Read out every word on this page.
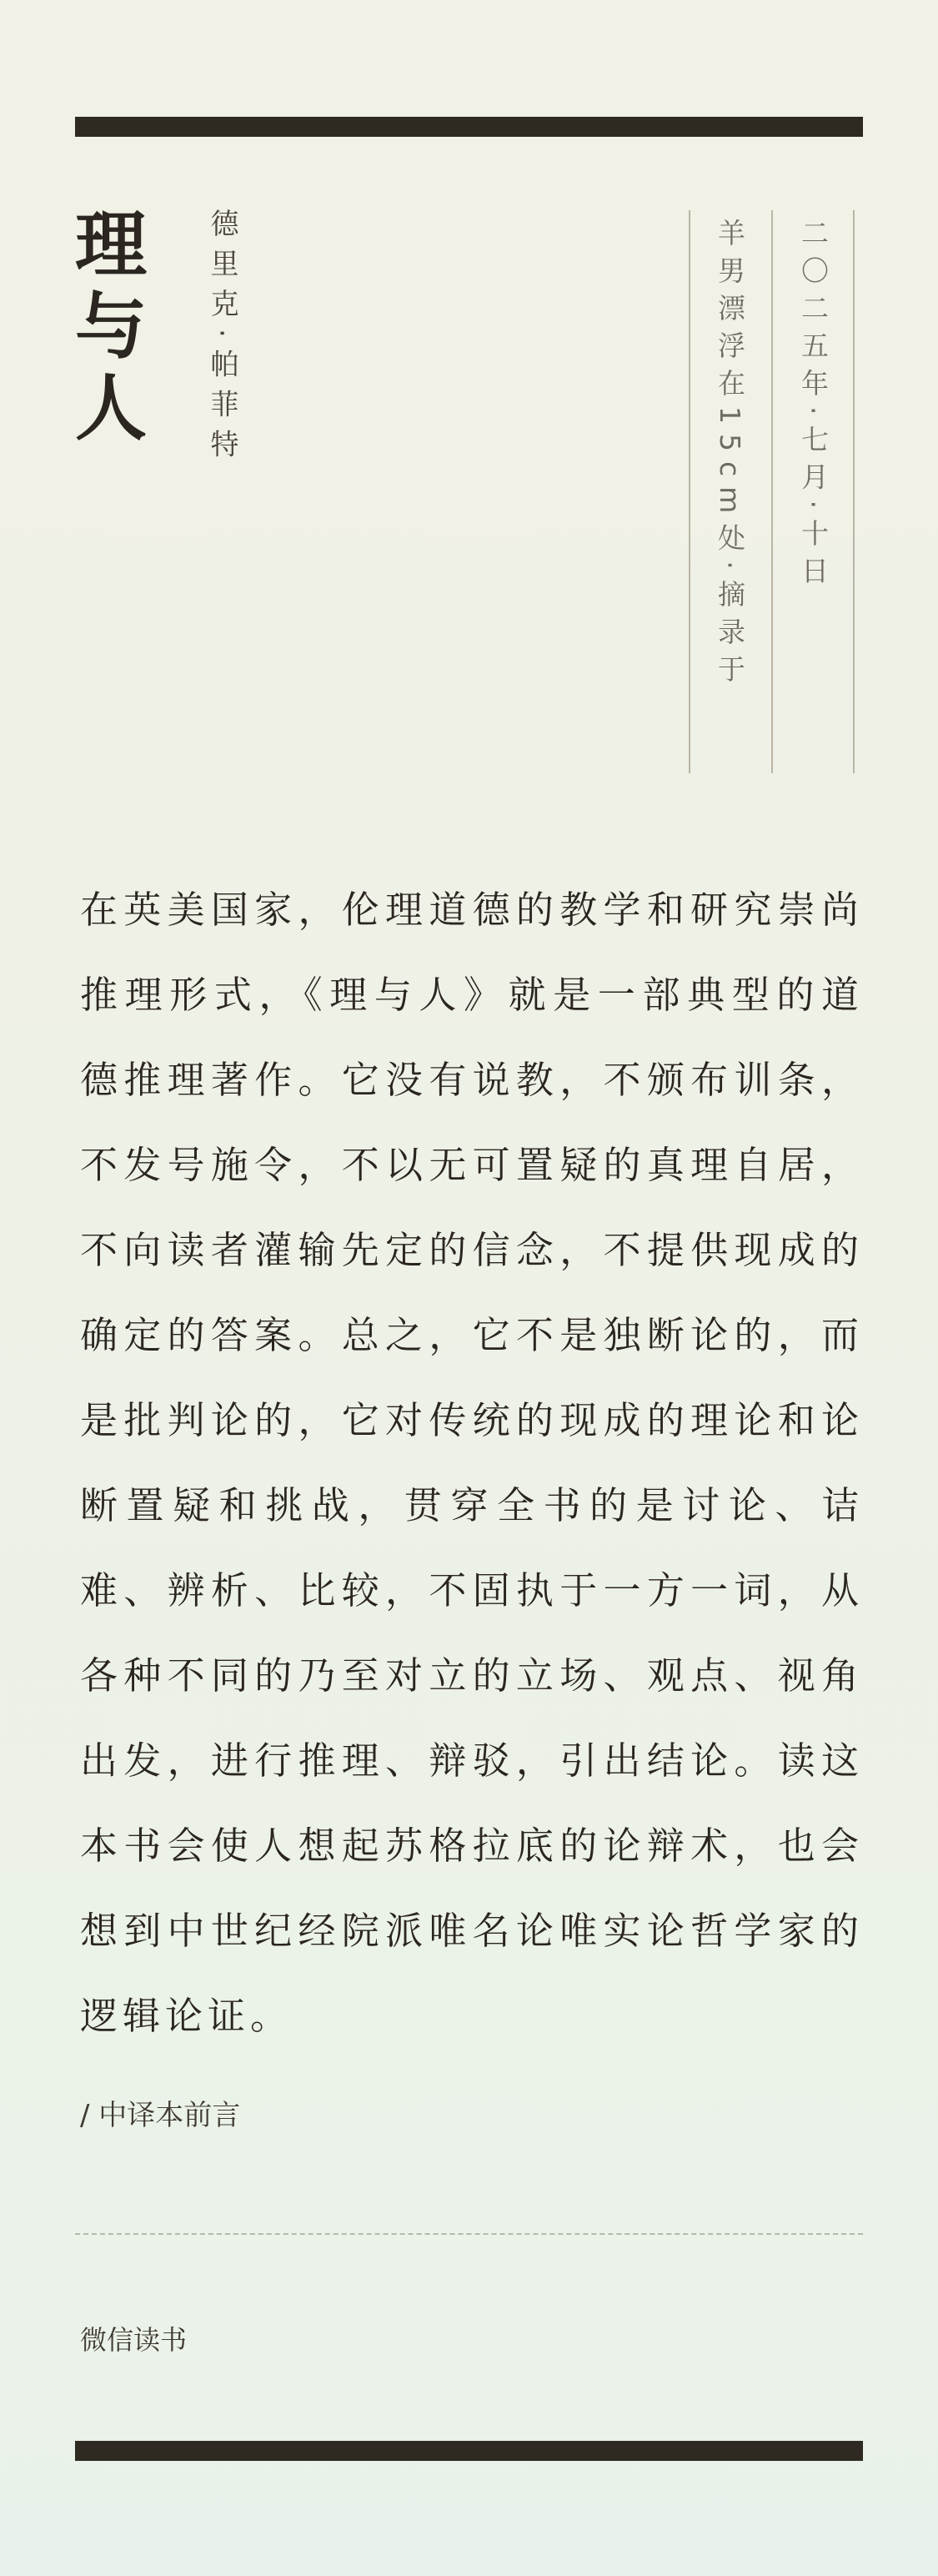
理与人	德里克·帕菲特	羊男漂浮在15cm处·摘录于 二〇二五年·七月·十日

在英美国家，伦理道德的教学和研究崇尚推理形式，《理与人》就是一部典型的道德推理著作。它没有说教，不颁布训条，不发号施令，不以无可置疑的真理自居，不向读者灌输先定的信念，不提供现成的确定的答案。总之，它不是独断论的，而是批判论的，它对传统的现成的理论和论断置疑和挑战，贯穿全书的是讨论、诘难、辨析、比较，不固执于一方一词，从各种不同的乃至对立的立场、观点、视角出发，进行推理、辩驳，引出结论。读这本书会使人想起苏格拉底的论辩术，也会想到中世纪经院派唯名论唯实论哲学家的逻辑论证。

/ 中译本前言
微信读书
